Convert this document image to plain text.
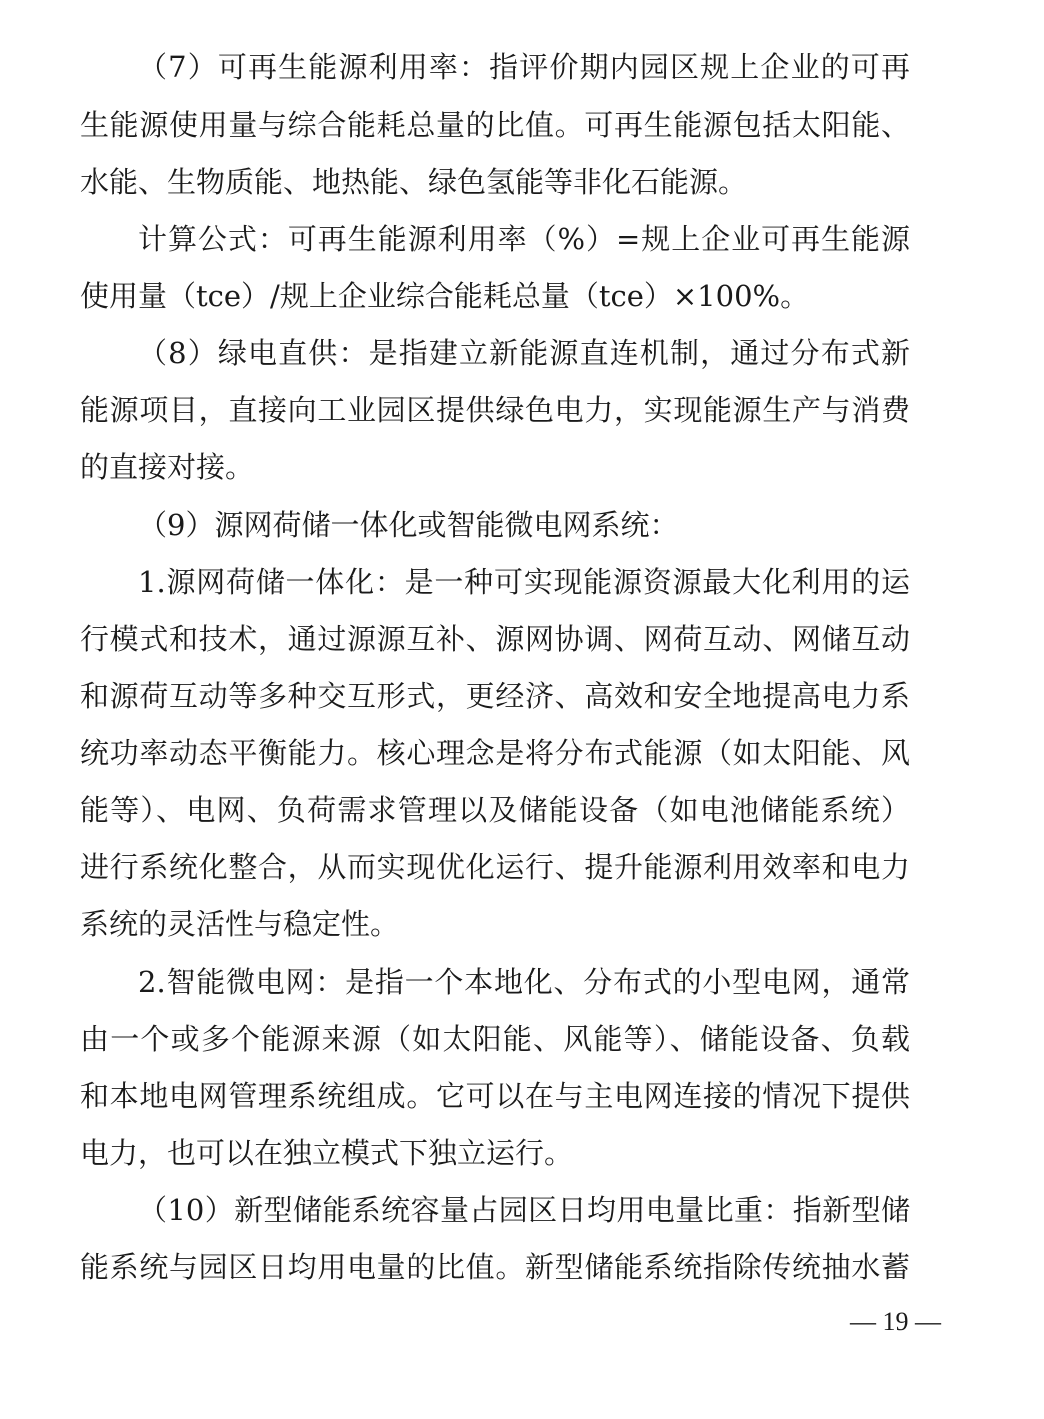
（7）可再生能源利用率：指评价期内园区规上企业的可再
生能源使用量与综合能耗总量的比值。可再生能源包括太阳能、
水能、生物质能、地热能、绿色氢能等非化石能源。
计算公式：可再生能源利用率（%）=规上企业可再生能源
使用量（tce）/规上企业综合能耗总量（tce）×100%。
（8）绿电直供：是指建立新能源直连机制，通过分布式新
能源项目，直接向工业园区提供绿色电力，实现能源生产与消费
的直接对接。
（9）源网荷储一体化或智能微电网系统：
1.源网荷储一体化：是一种可实现能源资源最大化利用的运
行模式和技术，通过源源互补、源网协调、网荷互动、网储互动
和源荷互动等多种交互形式，更经济、高效和安全地提高电力系
统功率动态平衡能力。核心理念是将分布式能源（如太阳能、风
能等）、电网、负荷需求管理以及储能设备（如电池储能系统）
进行系统化整合，从而实现优化运行、提升能源利用效率和电力
系统的灵活性与稳定性。
2.智能微电网：是指一个本地化、分布式的小型电网，通常
由一个或多个能源来源（如太阳能、风能等）、储能设备、负载
和本地电网管理系统组成。它可以在与主电网连接的情况下提供
电力，也可以在独立模式下独立运行。
（10）新型储能系统容量占园区日均用电量比重：指新型储
能系统与园区日均用电量的比值。新型储能系统指除传统抽水蓄
— 19 —
